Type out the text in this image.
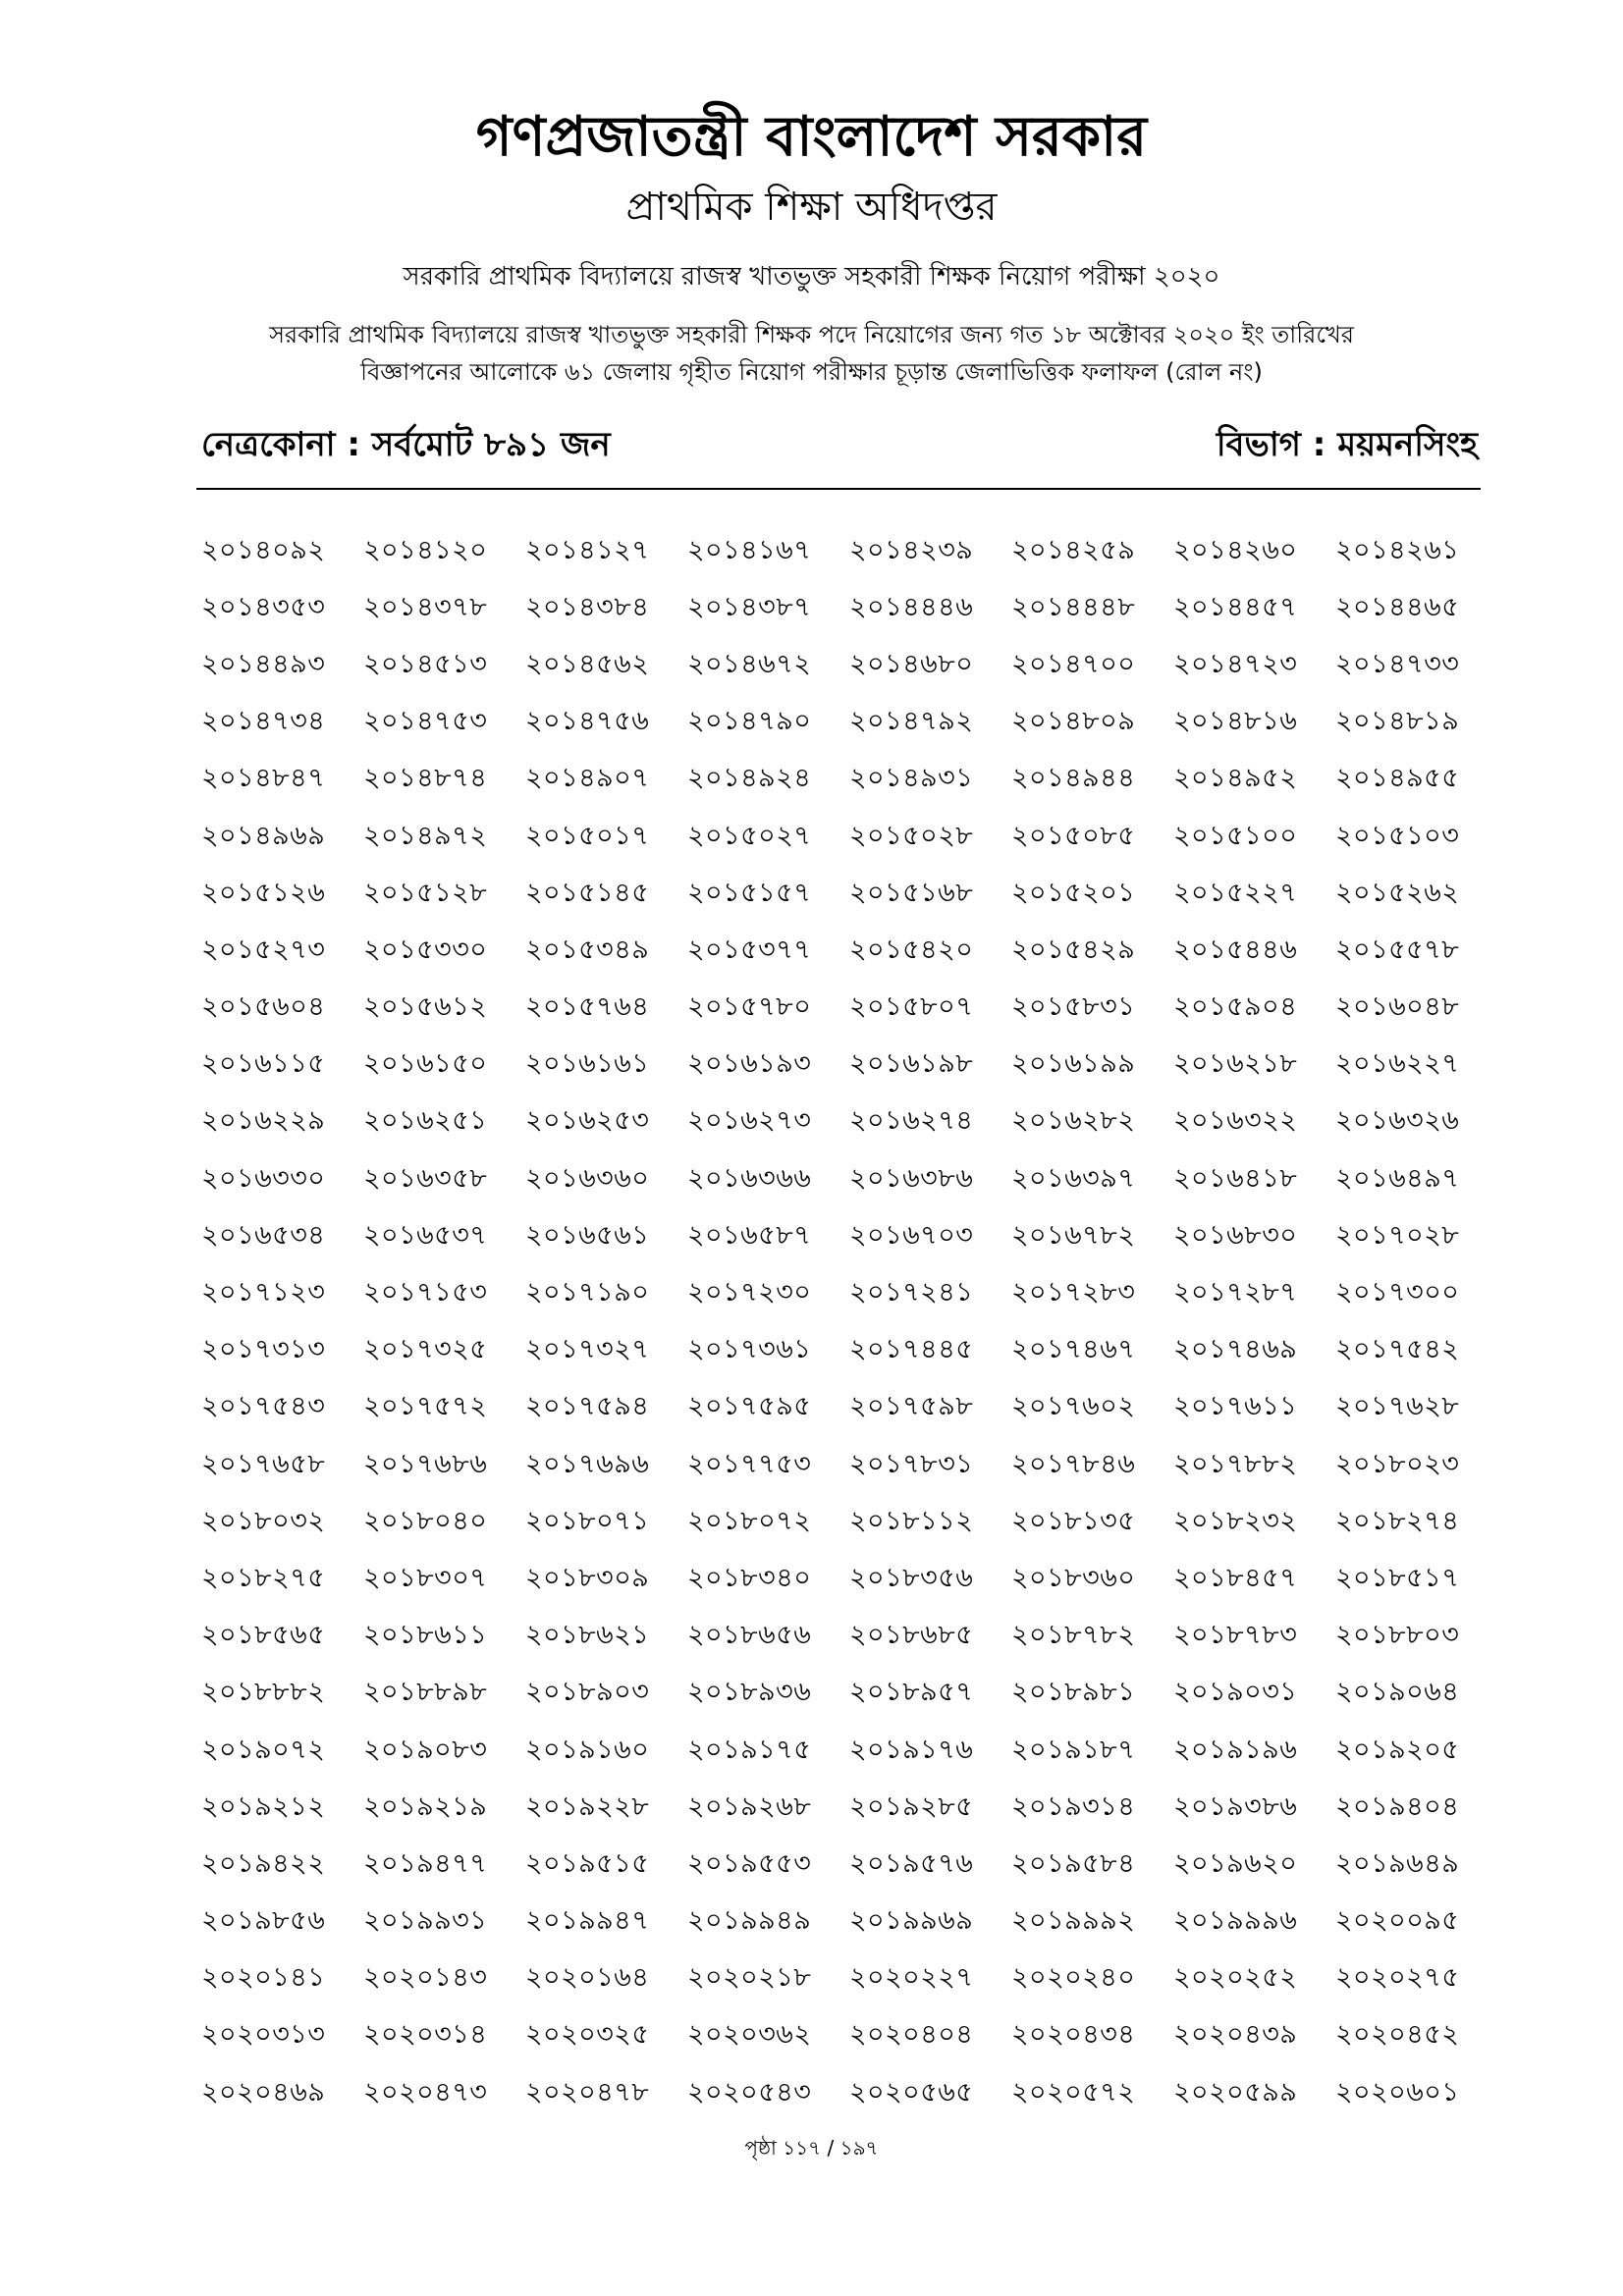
গণপ্রজাতন্ত্রী বাংলাদেশ সরকার
প্রাথমিক শিক্ষা অধিদপ্তর
সরকারি প্রাথমিক বিদ্যালয়ে রাজস্ব খাতভুক্ত সহকারী শিক্ষক নিয়োগ পরীক্ষা ২০২০
সরকারি প্রাথমিক বিদ্যালয়ে রাজস্ব খাতভুক্ত সহকারী শিক্ষক পদে নিয়োগের জন্য গত ১৮ অক্টোবর ২০২০ ইং তারিখের
বিজ্ঞাপনের আলোকে ৬১ জেলায় গৃহীত নিয়োগ পরীক্ষার চূড়ান্ত জেলাভিত্তিক ফলাফল (রোল নং)
নেত্রকোনা : সর্বমোট ৮৯১ জন	বিভাগ : ময়মনসিংহ
২০১৪০৯২	২০১৪১২০	২০১৪১২৭	২০১৪১৬৭	২০১৪২৩৯	২০১৪২৫৯	২০১৪২৬০	২০১৪২৬১
২০১৪৩৫৩	২০১৪৩৭৮	২০১৪৩৮৪	২০১৪৩৮৭	২০১৪৪৪৬	২০১৪৪৪৮	২০১৪৪৫৭	২০১৪৪৬৫
২০১৪৪৯৩	২০১৪৫১৩	২০১৪৫৬২	২০১৪৬৭২	২০১৪৬৮০	২০১৪৭০০	২০১৪৭২৩	২০১৪৭৩৩
২০১৪৭৩৪	২০১৪৭৫৩	২০১৪৭৫৬	২০১৪৭৯০	২০১৪৭৯২	২০১৪৮০৯	২০১৪৮১৬	২০১৪৮১৯
২০১৪৮৪৭	২০১৪৮৭৪	২০১৪৯০৭	২০১৪৯২৪	২০১৪৯৩১	২০১৪৯৪৪	২০১৪৯৫২	২০১৪৯৫৫
২০১৪৯৬৯	২০১৪৯৭২	২০১৫০১৭	২০১৫০২৭	২০১৫০২৮	২০১৫০৮৫	২০১৫১০০	২০১৫১০৩
২০১৫১২৬	২০১৫১২৮	২০১৫১৪৫	২০১৫১৫৭	২০১৫১৬৮	২০১৫২০১	২০১৫২২৭	২০১৫২৬২
২০১৫২৭৩	২০১৫৩৩০	২০১৫৩৪৯	২০১৫৩৭৭	২০১৫৪২০	২০১৫৪২৯	২০১৫৪৪৬	২০১৫৫৭৮
২০১৫৬০৪	২০১৫৬১২	২০১৫৭৬৪	২০১৫৭৮০	২০১৫৮০৭	২০১৫৮৩১	২০১৫৯০৪	২০১৬০৪৮
২০১৬১১৫	২০১৬১৫০	২০১৬১৬১	২০১৬১৯৩	২০১৬১৯৮	২০১৬১৯৯	২০১৬২১৮	২০১৬২২৭
২০১৬২২৯	২০১৬২৫১	২০১৬২৫৩	২০১৬২৭৩	২০১৬২৭৪	২০১৬২৮২	২০১৬৩২২	২০১৬৩২৬
২০১৬৩৩০	২০১৬৩৫৮	২০১৬৩৬০	২০১৬৩৬৬	২০১৬৩৮৬	২০১৬৩৯৭	২০১৬৪১৮	২০১৬৪৯৭
২০১৬৫৩৪	২০১৬৫৩৭	২০১৬৫৬১	২০১৬৫৮৭	২০১৬৭০৩	২০১৬৭৮২	২০১৬৮৩০	২০১৭০২৮
২০১৭১২৩	২০১৭১৫৩	২০১৭১৯০	২০১৭২৩০	২০১৭২৪১	২০১৭২৮৩	২০১৭২৮৭	২০১৭৩০০
২০১৭৩১৩	২০১৭৩২৫	২০১৭৩২৭	২০১৭৩৬১	২০১৭৪৪৫	২০১৭৪৬৭	২০১৭৪৬৯	২০১৭৫৪২
২০১৭৫৪৩	২০১৭৫৭২	২০১৭৫৯৪	২০১৭৫৯৫	২০১৭৫৯৮	২০১৭৬০২	২০১৭৬১১	২০১৭৬২৮
২০১৭৬৫৮	২০১৭৬৮৬	২০১৭৬৯৬	২০১৭৭৫৩	২০১৭৮৩১	২০১৭৮৪৬	২০১৭৮৮২	২০১৮০২৩
২০১৮০৩২	২০১৮০৪০	২০১৮০৭১	২০১৮০৭২	২০১৮১১২	২০১৮১৩৫	২০১৮২৩২	২০১৮২৭৪
২০১৮২৭৫	২০১৮৩০৭	২০১৮৩০৯	২০১৮৩৪০	২০১৮৩৫৬	২০১৮৩৬০	২০১৮৪৫৭	২০১৮৫১৭
২০১৮৫৬৫	২০১৮৬১১	২০১৮৬২১	২০১৮৬৫৬	২০১৮৬৮৫	২০১৮৭৮২	২০১৮৭৮৩	২০১৮৮০৩
২০১৮৮৮২	২০১৮৮৯৮	২০১৮৯০৩	২০১৮৯৩৬	২০১৮৯৫৭	২০১৮৯৮১	২০১৯০৩১	২০১৯০৬৪
২০১৯০৭২	২০১৯০৮৩	২০১৯১৬০	২০১৯১৭৫	২০১৯১৭৬	২০১৯১৮৭	২০১৯১৯৬	২০১৯২০৫
২০১৯২১২	২০১৯২১৯	২০১৯২২৮	২০১৯২৬৮	২০১৯২৮৫	২০১৯৩১৪	২০১৯৩৮৬	২০১৯৪০৪
২০১৯৪২২	২০১৯৪৭৭	২০১৯৫১৫	২০১৯৫৫৩	২০১৯৫৭৬	২০১৯৫৮৪	২০১৯৬২০	২০১৯৬৪৯
২০১৯৮৫৬	২০১৯৯৩১	২০১৯৯৪৭	২০১৯৯৪৯	২০১৯৯৬৯	২০১৯৯৯২	২০১৯৯৯৬	২০২০০৯৫
২০২০১৪১	২০২০১৪৩	২০২০১৬৪	২০২০২১৮	২০২০২২৭	২০২০২৪০	২০২০২৫২	২০২০২৭৫
২০২০৩১৩	২০২০৩১৪	২০২০৩২৫	২০২০৩৬২	২০২০৪০৪	২০২০৪৩৪	২০২০৪৩৯	২০২০৪৫২
২০২০৪৬৯	২০২০৪৭৩	২০২০৪৭৮	২০২০৫৪৩	২০২০৫৬৫	২০২০৫৭২	২০২০৫৯৯	২০২০৬০১
পৃষ্ঠা ১১৭ / ১৯৭
